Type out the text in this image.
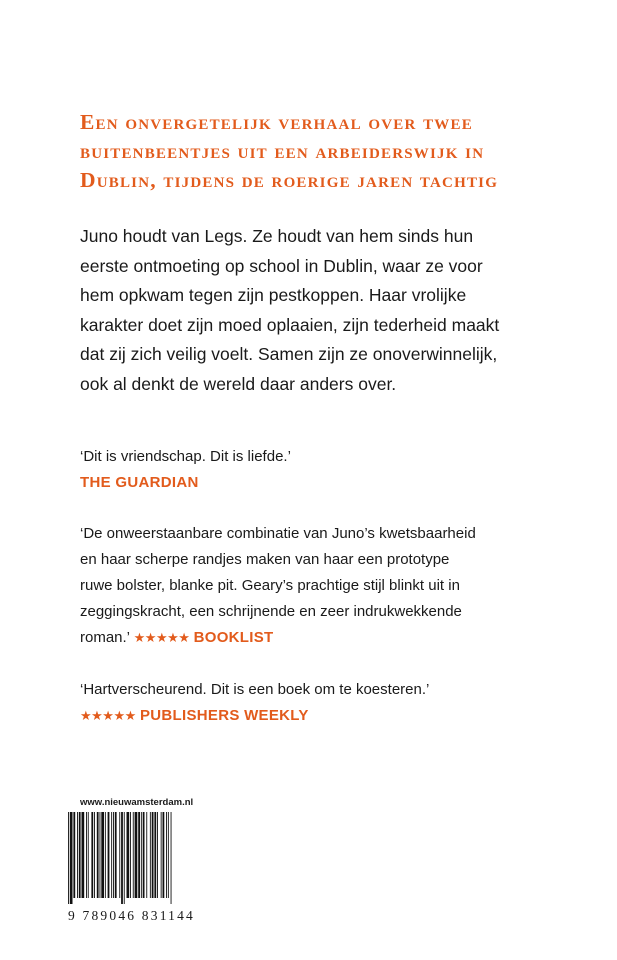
Een onvergetelijk verhaal over twee
buitenbeentjes uit een arbeiderswijk in
Dublin, tijdens de roerige jaren tachtig
Juno houdt van Legs. Ze houdt van hem sinds hun
eerste ontmoeting op school in Dublin, waar ze voor
hem opkwam tegen zijn pestkoppen. Haar vrolijke
karakter doet zijn moed oplaaien, zijn tederheid maakt
dat zij zich veilig voelt. Samen zijn ze onoverwinnelijk,
ook al denkt de wereld daar anders over.
‘Dit is vriendschap. Dit is liefde.’
THE GUARDIAN
‘De onweerstaanbare combinatie van Juno’s kwetsbaarheid
en haar scherpe randjes maken van haar een prototype
ruwe bolster, blanke pit. Geary’s prachtige stijl blinkt uit in
zeggingskracht, een schrijnende en zeer indrukwekkende
roman.’ ★★★★★ BOOKLIST
‘Hartverscheurend. Dit is een boek om te koesteren.’
★★★★★ PUBLISHERS WEEKLY
www.nieuwamsterdam.nl
9 789046 831144
